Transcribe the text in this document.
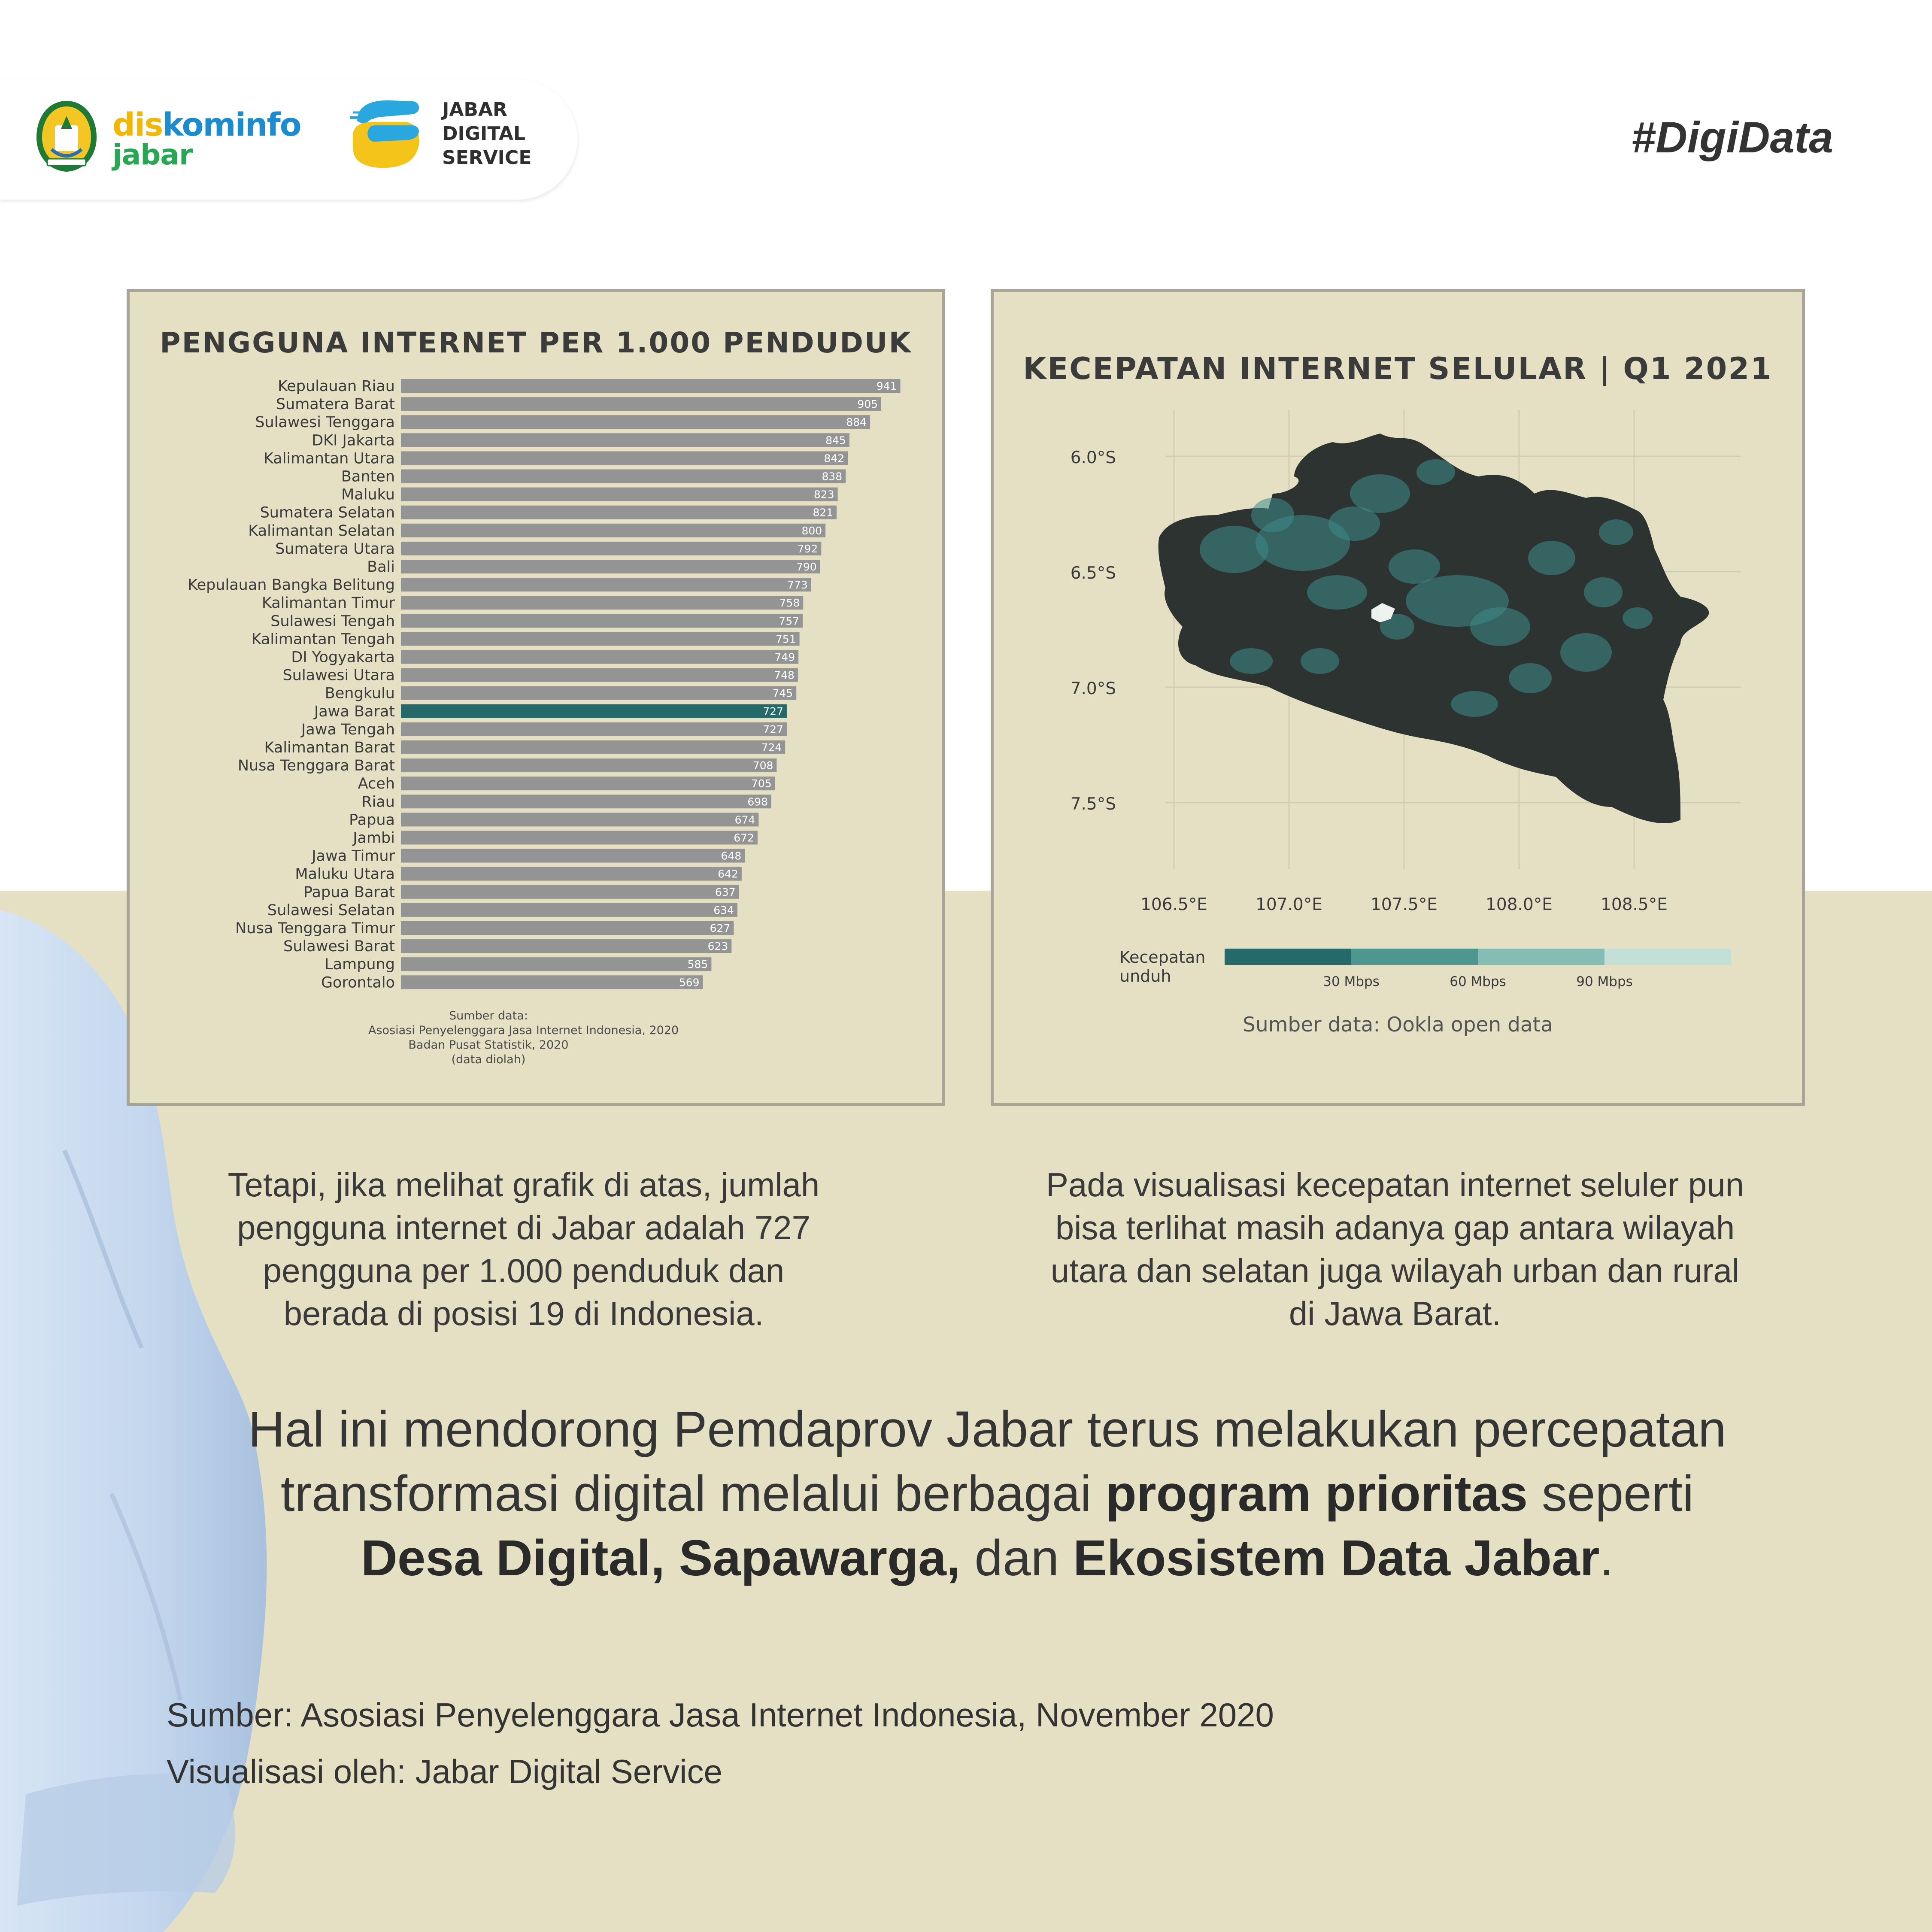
diskominfo
jabar
JABAR
DIGITAL
SERVICE	#DigiData
PENGGUNA INTERNET PER 1.000 PENDUDUK
Kepulauan Riau	941
Sumatera Barat	905
Sulawesi Tenggara	884
DKI Jakarta	845
Kalimantan Utara	842
Banten	838
Maluku	823
Sumatera Selatan	821
Kalimantan Selatan	800
Sumatera Utara	792
Bali	790
Kepulauan Bangka Belitung	773
Kalimantan Timur	758
Sulawesi Tengah	757
Kalimantan Tengah	751
DI Yogyakarta	749
Sulawesi Utara	748
Bengkulu	745
Jawa Barat	727
Jawa Tengah	727
Kalimantan Barat	724
Nusa Tenggara Barat	708
Aceh	705
Riau	698
Papua	674
Jambi	672
Jawa Timur	648
Maluku Utara	642
Papua Barat	637
Sulawesi Selatan	634
Nusa Tenggara Timur	627
Sulawesi Barat	623
Lampung	585
Gorontalo	569
Sumber data:
Asosiasi Penyelenggara Jasa Internet Indonesia, 2020
Badan Pusat Statistik, 2020
(data diolah)
KECEPATAN INTERNET SELULAR | Q1 2021
6.0°S
6.5°S
7.0°S
7.5°S
106.5°E	107.0°E	107.5°E	108.0°E	108.5°E
Kecepatan
unduh	30 Mbps	60 Mbps	90 Mbps
Sumber data: Ookla open data
Tetapi, jika melihat grafik di atas, jumlah
pengguna internet di Jabar adalah 727
pengguna per 1.000 penduduk dan
berada di posisi 19 di Indonesia.
Pada visualisasi kecepatan internet seluler pun
bisa terlihat masih adanya gap antara wilayah
utara dan selatan juga wilayah urban dan rural
di Jawa Barat.
Hal ini mendorong Pemdaprov Jabar terus melakukan percepatan
transformasi digital melalui berbagai program prioritas seperti
Desa Digital, Sapawarga, dan Ekosistem Data Jabar.
Sumber: Asosiasi Penyelenggara Jasa Internet Indonesia, November 2020
Visualisasi oleh: Jabar Digital Service
